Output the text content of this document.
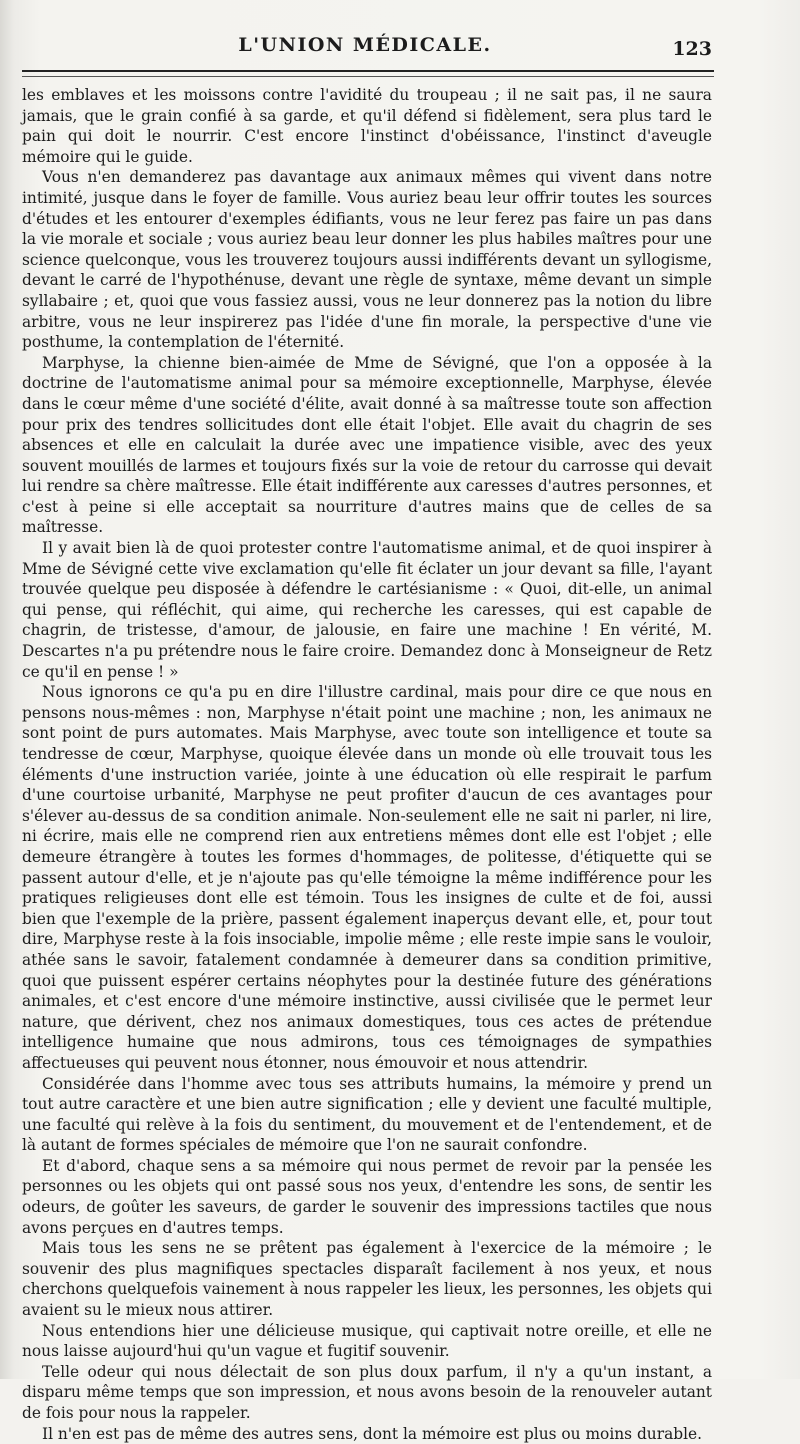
L'UNION MÉDICALE.	123

les emblaves et les moissons contre l'avidité du troupeau ; il ne sait pas, il ne saura jamais, que le grain confié à sa garde, et qu'il défend si fidèlement, sera plus tard le pain qui doit le nourrir. C'est encore l'instinct d'obéissance, l'instinct d'aveugle mémoire qui le guide.

Vous n'en demanderez pas davantage aux animaux mêmes qui vivent dans notre intimité, jusque dans le foyer de famille. Vous auriez beau leur offrir toutes les sources d'études et les entourer d'exemples édifiants, vous ne leur ferez pas faire un pas dans la vie morale et sociale ; vous auriez beau leur donner les plus habiles maîtres pour une science quelconque, vous les trouverez toujours aussi indifférents devant un syllogisme, devant le carré de l'hypothénuse, devant une règle de syntaxe, même devant un simple syllabaire ; et, quoi que vous fassiez aussi, vous ne leur donnerez pas la notion du libre arbitre, vous ne leur inspirerez pas l'idée d'une fin morale, la perspective d'une vie posthume, la contemplation de l'éternité.

Marphyse, la chienne bien-aimée de Mme de Sévigné, que l'on a opposée à la doctrine de l'automatisme animal pour sa mémoire exceptionnelle, Marphyse, élevée dans le cœur même d'une société d'élite, avait donné à sa maîtresse toute son affection pour prix des tendres sollicitudes dont elle était l'objet. Elle avait du chagrin de ses absences et elle en calculait la durée avec une impatience visible, avec des yeux souvent mouillés de larmes et toujours fixés sur la voie de retour du carrosse qui devait lui rendre sa chère maîtresse. Elle était indifférente aux caresses d'autres personnes, et c'est à peine si elle acceptait sa nourriture d'autres mains que de celles de sa maîtresse.

Il y avait bien là de quoi protester contre l'automatisme animal, et de quoi inspirer à Mme de Sévigné cette vive exclamation qu'elle fit éclater un jour devant sa fille, l'ayant trouvée quelque peu disposée à défendre le cartésianisme : « Quoi, dit-elle, un animal qui pense, qui réfléchit, qui aime, qui recherche les caresses, qui est capable de chagrin, de tristesse, d'amour, de jalousie, en faire une machine ! En vérité, M. Descartes n'a pu prétendre nous le faire croire. Demandez donc à Monseigneur de Retz ce qu'il en pense ! »

Nous ignorons ce qu'a pu en dire l'illustre cardinal, mais pour dire ce que nous en pensons nous-mêmes : non, Marphyse n'était point une machine ; non, les animaux ne sont point de purs automates. Mais Marphyse, avec toute son intelligence et toute sa tendresse de cœur, Marphyse, quoique élevée dans un monde où elle trouvait tous les éléments d'une instruction variée, jointe à une éducation où elle respirait le parfum d'une courtoise urbanité, Marphyse ne peut profiter d'aucun de ces avantages pour s'élever au-dessus de sa condition animale. Non-seulement elle ne sait ni parler, ni lire, ni écrire, mais elle ne comprend rien aux entretiens mêmes dont elle est l'objet ; elle demeure étrangère à toutes les formes d'hommages, de politesse, d'étiquette qui se passent autour d'elle, et je n'ajoute pas qu'elle témoigne la même indifférence pour les pratiques religieuses dont elle est témoin. Tous les insignes de culte et de foi, aussi bien que l'exemple de la prière, passent également inaperçus devant elle, et, pour tout dire, Marphyse reste à la fois insociable, impolie même ; elle reste impie sans le vouloir, athée sans le savoir, fatalement condamnée à demeurer dans sa condition primitive, quoi que puissent espérer certains néophytes pour la destinée future des générations animales, et c'est encore d'une mémoire instinctive, aussi civilisée que le permet leur nature, que dérivent, chez nos animaux domestiques, tous ces actes de prétendue intelligence humaine que nous admirons, tous ces témoignages de sympathies affectueuses qui peuvent nous étonner, nous émouvoir et nous attendrir.

Considérée dans l'homme avec tous ses attributs humains, la mémoire y prend un tout autre caractère et une bien autre signification ; elle y devient une faculté multiple, une faculté qui relève à la fois du sentiment, du mouvement et de l'entendement, et de là autant de formes spéciales de mémoire que l'on ne saurait confondre.

Et d'abord, chaque sens a sa mémoire qui nous permet de revoir par la pensée les personnes ou les objets qui ont passé sous nos yeux, d'entendre les sons, de sentir les odeurs, de goûter les saveurs, de garder le souvenir des impressions tactiles que nous avons perçues en d'autres temps.

Mais tous les sens ne se prêtent pas également à l'exercice de la mémoire ; le souvenir des plus magnifiques spectacles disparaît facilement à nos yeux, et nous cherchons quelquefois vainement à nous rappeler les lieux, les personnes, les objets qui avaient su le mieux nous attirer.

Nous entendions hier une délicieuse musique, qui captivait notre oreille, et elle ne nous laisse aujourd'hui qu'un vague et fugitif souvenir.

Telle odeur qui nous délectait de son plus doux parfum, il n'y a qu'un instant, a disparu même temps que son impression, et nous avons besoin de la renouveler autant de fois pour nous la rappeler.

Il n'en est pas de même des autres sens, dont la mémoire est plus ou moins durable.
